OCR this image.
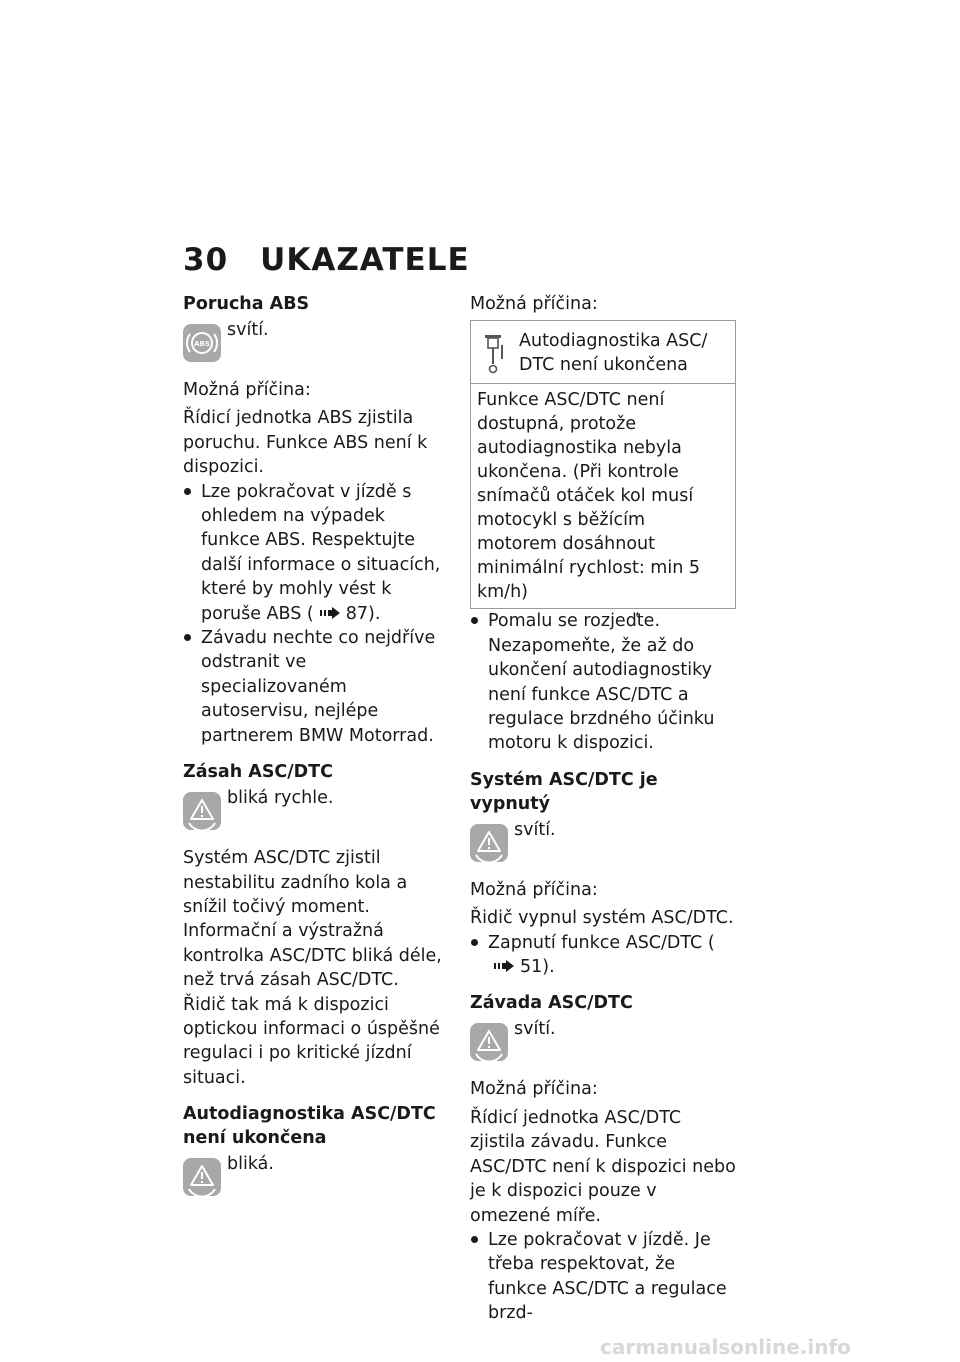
30 UKAZATELE
Porucha ABS
ABS
svítí.

Možná příčina:

Řídicí jednotka ABS zjistila poruchu. Funkce ABS není k dispozici.

Lze pokračovat v jízdě s ohledem na výpadek funkce ABS. Respektujte další informace o situacích, které by mohly vést k poruše ABS ( 87).
Závadu nechte co nejdříve odstranit ve specializovaném autoservisu, nejlépe partnerem BMW Motorrad.
Zásah ASC/DTC
bliká rychle.

Systém ASC/DTC zjistil nestabilitu zadního kola a snížil točivý moment. Informační a výstražná kontrolka ASC/DTC bliká déle, než trvá zásah ASC/DTC. Řidič tak má k dispozici optickou informaci o úspěšné regulaci i po kritické jízdní situaci.

Autodiagnostika ASC/DTC není ukončena
bliká.

Možná příčina:

Autodiagnostika ASC/ DTC není ukončena
Funkce ASC/DTC není dostupná, protože autodiagnostika nebyla ukončena. (Při kontrole snímačů otáček kol musí motocykl s běžícím motorem dosáhnout minimální rychlost: min 5 km/h)
Pomalu se rozjeďte. Nezapomeňte, že až do ukončení autodiagnostiky není funkce ASC/DTC a regulace brzdného účinku motoru k dispozici.
Systém ASC/DTC je vypnutý
svítí.

Možná příčina:

Řidič vypnul systém ASC/DTC.

Zapnutí funkce ASC/DTC (
51).
Závada ASC/DTC
svítí.

Možná příčina:

Řídicí jednotka ASC/DTC zjistila závadu. Funkce ASC/DTC není k dispozici nebo je k dispozici pouze v omezené míře.

Lze pokračovat v jízdě. Je třeba respektovat, že funkce ASC/DTC a regulace brzd-
carmanualsonline.info
